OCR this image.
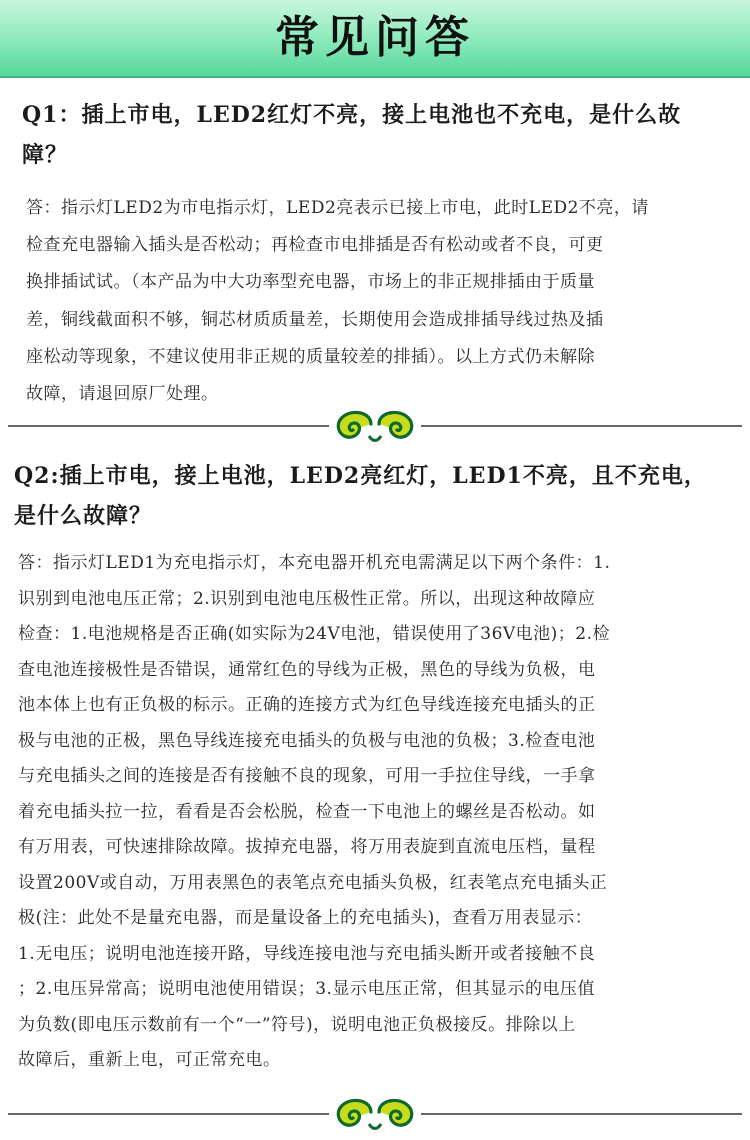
常见问答
Q1：插上市电，LED2红灯不亮，接上电池也不充电，是什么故
障？

答：指示灯LED2为市电指示灯，LED2亮表示已接上市电，此时LED2不亮，请

检查充电器输入插头是否松动；再检查市电排插是否有松动或者不良，可更

换排插试试。（本产品为中大功率型充电器，市场上的非正规排插由于质量

差，铜线截面积不够，铜芯材质质量差，长期使用会造成排插导线过热及插

座松动等现象，不建议使用非正规的质量较差的排插）。以上方式仍未解除

故障，请退回原厂处理。

Q2:插上市电，接上电池，LED2亮红灯，LED1不亮，且不充电，
是什么故障？

答：指示灯LED1为充电指示灯，本充电器开机充电需满足以下两个条件：1.

识别到电池电压正常；2.识别到电池电压极性正常。所以，出现这种故障应

检查：1.电池规格是否正确(如实际为24V电池，错误使用了36V电池)；2.检

查电池连接极性是否错误，通常红色的导线为正极，黑色的导线为负极，电

池本体上也有正负极的标示。正确的连接方式为红色导线连接充电插头的正

极与电池的正极，黑色导线连接充电插头的负极与电池的负极；3.检查电池

与充电插头之间的连接是否有接触不良的现象，可用一手拉住导线，一手拿

着充电插头拉一拉，看看是否会松脱，检查一下电池上的螺丝是否松动。如

有万用表，可快速排除故障。拔掉充电器，将万用表旋到直流电压档，量程

设置200V或自动，万用表黑色的表笔点充电插头负极，红表笔点充电插头正

极(注：此处不是量充电器，而是量设备上的充电插头)，查看万用表显示：

1.无电压；说明电池连接开路，导线连接电池与充电插头断开或者接触不良

；2.电压异常高；说明电池使用错误；3.显示电压正常，但其显示的电压值

为负数(即电压示数前有一个“一”符号)，说明电池正负极接反。排除以上

故障后，重新上电，可正常充电。
